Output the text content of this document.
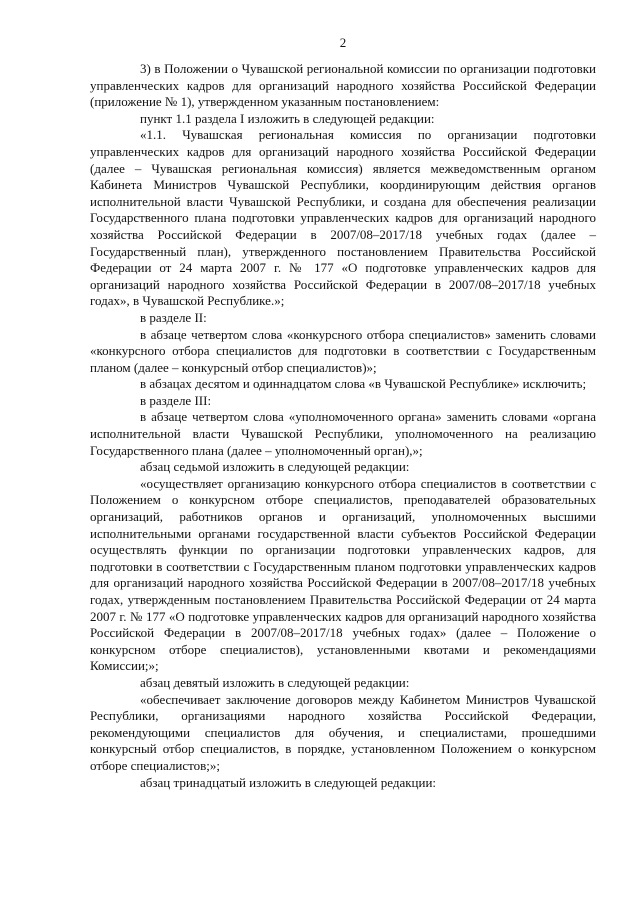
2

3) в Положении о Чувашской региональной комиссии по организации подготовки управленческих кадров для организаций народного хозяйства Российской Федерации (приложение № 1), утвержденном указанным постановлением:

пункт 1.1 раздела I изложить в следующей редакции:

«1.1. Чувашская региональная комиссия по организации подготовки управленческих кадров для организаций народного хозяйства Российской Федерации (далее – Чувашская региональная комиссия) является межведомственным органом Кабинета Министров Чувашской Республики, координирующим действия органов исполнительной власти Чувашской Республики, и создана для обеспечения реализации Государственного плана подготовки управленческих кадров для организаций народного хозяйства Российской Федерации в 2007/08–2017/18 учебных годах (далее – Государственный план), утвержденного постановлением Правительства Российской Федерации от 24 марта 2007 г. № 177 «О подготовке управленческих кадров для организаций народного хозяйства Российской Федерации в 2007/08–2017/18 учебных годах», в Чувашской Республике.»;

в разделе II:

в абзаце четвертом слова «конкурсного отбора специалистов» заменить словами «конкурсного отбора специалистов для подготовки в соответствии с Государственным планом (далее – конкурсный отбор специалистов)»;

в абзацах десятом и одиннадцатом слова «в Чувашской Республике» исключить;

в разделе III:

в абзаце четвертом слова «уполномоченного органа» заменить словами «органа исполнительной власти Чувашской Республики, уполномоченного на реализацию Государственного плана (далее – уполномоченный орган),»;

абзац седьмой изложить в следующей редакции:

«осуществляет организацию конкурсного отбора специалистов в соответствии с Положением о конкурсном отборе специалистов, преподавателей образовательных организаций, работников органов и организаций, уполномоченных высшими исполнительными органами государственной власти субъектов Российской Федерации осуществлять функции по организации подготовки управленческих кадров, для подготовки в соответствии с Государственным планом подготовки управленческих кадров для организаций народного хозяйства Российской Федерации в 2007/08–2017/18 учебных годах, утвержденным постановлением Правительства Российской Федерации от 24 марта 2007 г. № 177 «О подготовке управленческих кадров для организаций народного хозяйства Российской Федерации в 2007/08–2017/18 учебных годах» (далее – Положение о конкурсном отборе специалистов), установленными квотами и рекомендациями Комиссии;»;

абзац девятый изложить в следующей редакции:

«обеспечивает заключение договоров между Кабинетом Министров Чувашской Республики, организациями народного хозяйства Российской Федерации, рекомендующими специалистов для обучения, и специалистами, прошедшими конкурсный отбор специалистов, в порядке, установленном Положением о конкурсном отборе специалистов;»;

абзац тринадцатый изложить в следующей редакции:
